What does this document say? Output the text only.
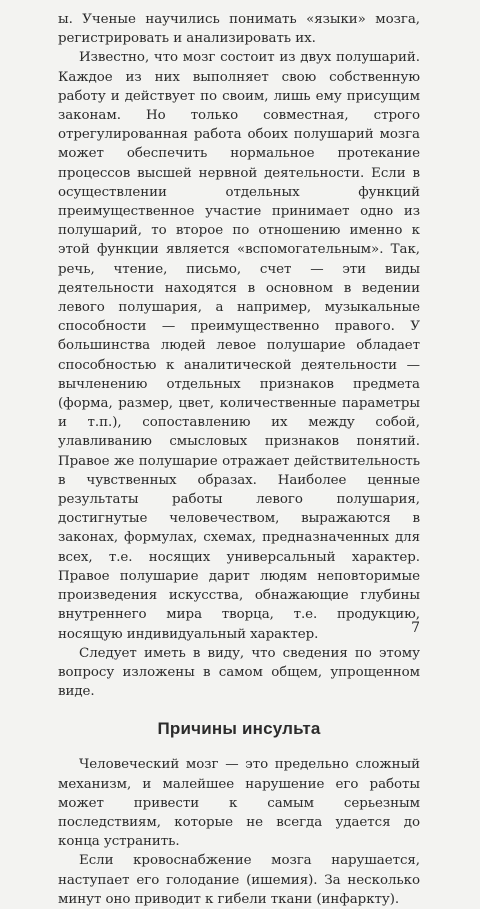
ы. Ученые научились понимать «языки» мозга, регистрировать и анализировать их.

Известно, что мозг состоит из двух полушарий. Каждое из них выполняет свою собственную работу и действует по своим, лишь ему присущим законам. Но только совместная, строго отрегулированная работа обоих полушарий мозга может обеспечить нормальное протекание процессов высшей нервной деятельности. Если в осуществлении отдельных функций преимущественное участие принимает одно из полушарий, то второе по отношению именно к этой функции является «вспомогательным». Так, речь, чтение, письмо, счет — эти виды деятельности находятся в основном в ведении левого полушария, а например, музыкальные способности — преимущественно правого. У большинства людей левое полушарие обладает способностью к аналитической деятельности — вычленению отдельных признаков предмета (форма, размер, цвет, количественные параметры и т.п.), сопоставлению их между собой, улавливанию смысловых признаков понятий. Правое же полушарие отражает действительность в чувственных образах. Наиболее ценные результаты работы левого полушария, достигнутые человечеством, выражаются в законах, формулах, схемах, предназначенных для всех, т.е. носящих универсальный характер. Правое полушарие дарит людям неповторимые произведения искусства, обнажающие глубины внутреннего мира творца, т.е. продукцию, носящую индивидуальный характер.

Следует иметь в виду, что сведения по этому вопросу изложены в самом общем, упрощенном виде.

Причины инсульта

Человеческий мозг — это предельно сложный механизм, и малейшее нарушение его работы может привести к самым серьезным последствиям, которые не всегда удается до конца устранить.

Если кровоснабжение мозга нарушается, наступает его голодание (ишемия). За несколько минут оно приводит к гибели ткани (инфаркту).

7
